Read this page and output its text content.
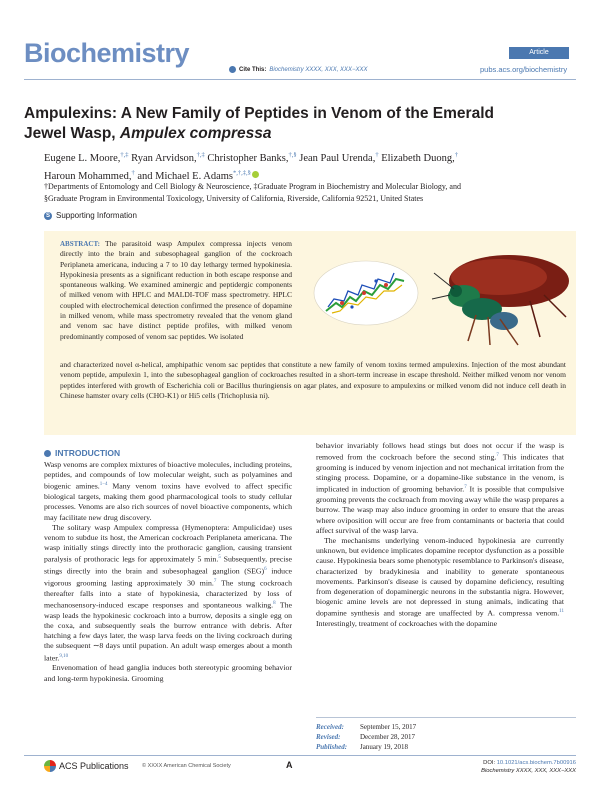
Biochemistry	Article
Cite This: Biochemistry XXXX, XXX, XXX−XXX	pubs.acs.org/biochemistry
Ampulexins: A New Family of Peptides in Venom of the Emerald
Jewel Wasp, Ampulex compressa
Eugene L. Moore,†,‡ Ryan Arvidson,†,‡ Christopher Banks,†,§ Jean Paul Urenda,† Elizabeth Duong,†
Haroun Mohammed,† and Michael E. Adams*,†,‡,§
†Departments of Entomology and Cell Biology & Neuroscience, ‡Graduate Program in Biochemistry and Molecular Biology, and
§Graduate Program in Environmental Toxicology, University of California, Riverside, California 92521, United States
S Supporting Information
ABSTRACT: The parasitoid wasp Ampulex compressa injects venom directly into the brain and subesophageal ganglion of the cockroach Periplaneta americana, inducing a 7 to 10 day lethargy termed hypokinesia. Hypokinesia presents as a significant reduction in both escape response and spontaneous walking. We examined aminergic and peptidergic components of milked venom with HPLC and MALDI-TOF mass spectrometry. HPLC coupled with electrochemical detection confirmed the presence of dopamine in milked venom, while mass spectrometry revealed that the venom gland and venom sac have distinct peptide profiles, with milked venom predominantly composed of venom sac peptides. We isolated
and characterized novel α-helical, amphipathic venom sac peptides that constitute a new family of venom toxins termed ampulexins. Injection of the most abundant venom peptide, ampulexin 1, into the subesophageal ganglion of cockroaches resulted in a short-term increase in escape threshold. Neither milked venom nor venom peptides interfered with growth of Escherichia coli or Bacillus thuringiensis on agar plates, and exposure to ampulexins or milked venom did not induce cell death in Chinese hamster ovary cells (CHO-K1) or Hi5 cells (Trichoplusia ni).
INTRODUCTION

Wasp venoms are complex mixtures of bioactive molecules, including proteins, peptides, and compounds of low molecular weight, such as polyamines and biogenic amines.$^{1-4}$ Many venom toxins have evolved to affect specific biological targets, making them good pharmacological tools to study cellular processes. Venoms are also rich sources of novel bioactive components, which may facilitate new drug discovery.

The solitary wasp Ampulex compressa (Hymenoptera: Ampulicidae) uses venom to subdue its host, the American cockroach Periplaneta americana. The wasp initially stings directly into the prothoracic ganglion, causing transient paralysis of prothoracic legs for approximately 5 min.$^5$ Subsequently, precise stings directly into the brain and subesophageal ganglion (SEG)$^6$ induce vigorous grooming lasting approximately 30 min.$^7$ The stung cockroach thereafter falls into a state of hypokinesia, characterized by loss of mechanosensory-induced escape responses and spontaneous walking.$^8$ The wasp leads the hypokinesic cockroach into a burrow, deposits a single egg on the coxa, and subsequently seals the burrow entrance with debris. After hatching a few days later, the wasp larva feeds on the living cockroach during the subsequent ∼8 days until pupation. An adult wasp emerges about a month later.$^{9,10}$

Envenomation of head ganglia induces both stereotypic grooming behavior and long-term hypokinesia. Grooming

behavior invariably follows head stings but does not occur if the wasp is removed from the cockroach before the second sting.$^7$ This indicates that grooming is induced by venom injection and not mechanical irritation from the stinging process. Dopamine, or a dopamine-like substance in the venom, is implicated in induction of grooming behavior.$^7$ It is possible that compulsive grooming prevents the cockroach from moving away while the wasp prepares a burrow. The wasp may also induce grooming in order to ensure that the areas where oviposition will occur are free from contaminants or bacteria that could affect survival of the wasp larva.

The mechanisms underlying venom-induced hypokinesia are currently unknown, but evidence implicates dopamine receptor dysfunction as a possible cause. Hypokinesia bears some phenotypic resemblance to Parkinson's disease, characterized by bradykinesia and inability to generate spontaneous movements. Parkinson's disease is caused by dopamine deficiency, resulting from degeneration of dopaminergic neurons in the substantia nigra. However, biogenic amine levels are not depressed in stung animals, indicating that dopamine synthesis and storage are unaffected by A. compressa venom.$^{11}$ Interestingly, treatment of cockroaches with the dopamine

Received:	September 15, 2017
Revised:	December 28, 2017
Published:	January 19, 2018
ACS Publications © XXXX American Chemical Society	A	DOI: 10.1021/acs.biochem.7b00916
Biochemistry XXXX, XXX, XXX−XXX
